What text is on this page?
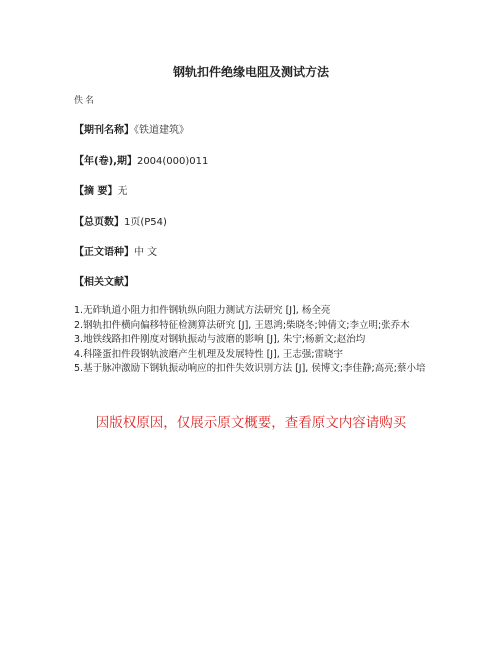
钢轨扣件绝缘电阻及测试方法
佚名
【期刊名称】《铁道建筑》
【年(卷),期】2004(000)011
【摘 要】无
【总页数】1页(P54)
【正文语种】中 文
【相关文献】

1.无砟轨道小阻力扣件钢轨纵向阻力测试方法研究 [J], 杨全亮

2.钢轨扣件横向偏移特征检测算法研究 [J], 王恩鸿;柴晓冬;钟倩文;李立明;张乔木

3.地铁线路扣件刚度对钢轨振动与波磨的影响 [J], 朱宁;杨新文;赵治均

4.科隆蛋扣件段钢轨波磨产生机理及发展特性 [J], 王志强;雷晓宇

5.基于脉冲激励下钢轨振动响应的扣件失效识别方法 [J], 侯博文;李佳静;高亮;蔡小培

因版权原因，仅展示原文概要，查看原文内容请购买
